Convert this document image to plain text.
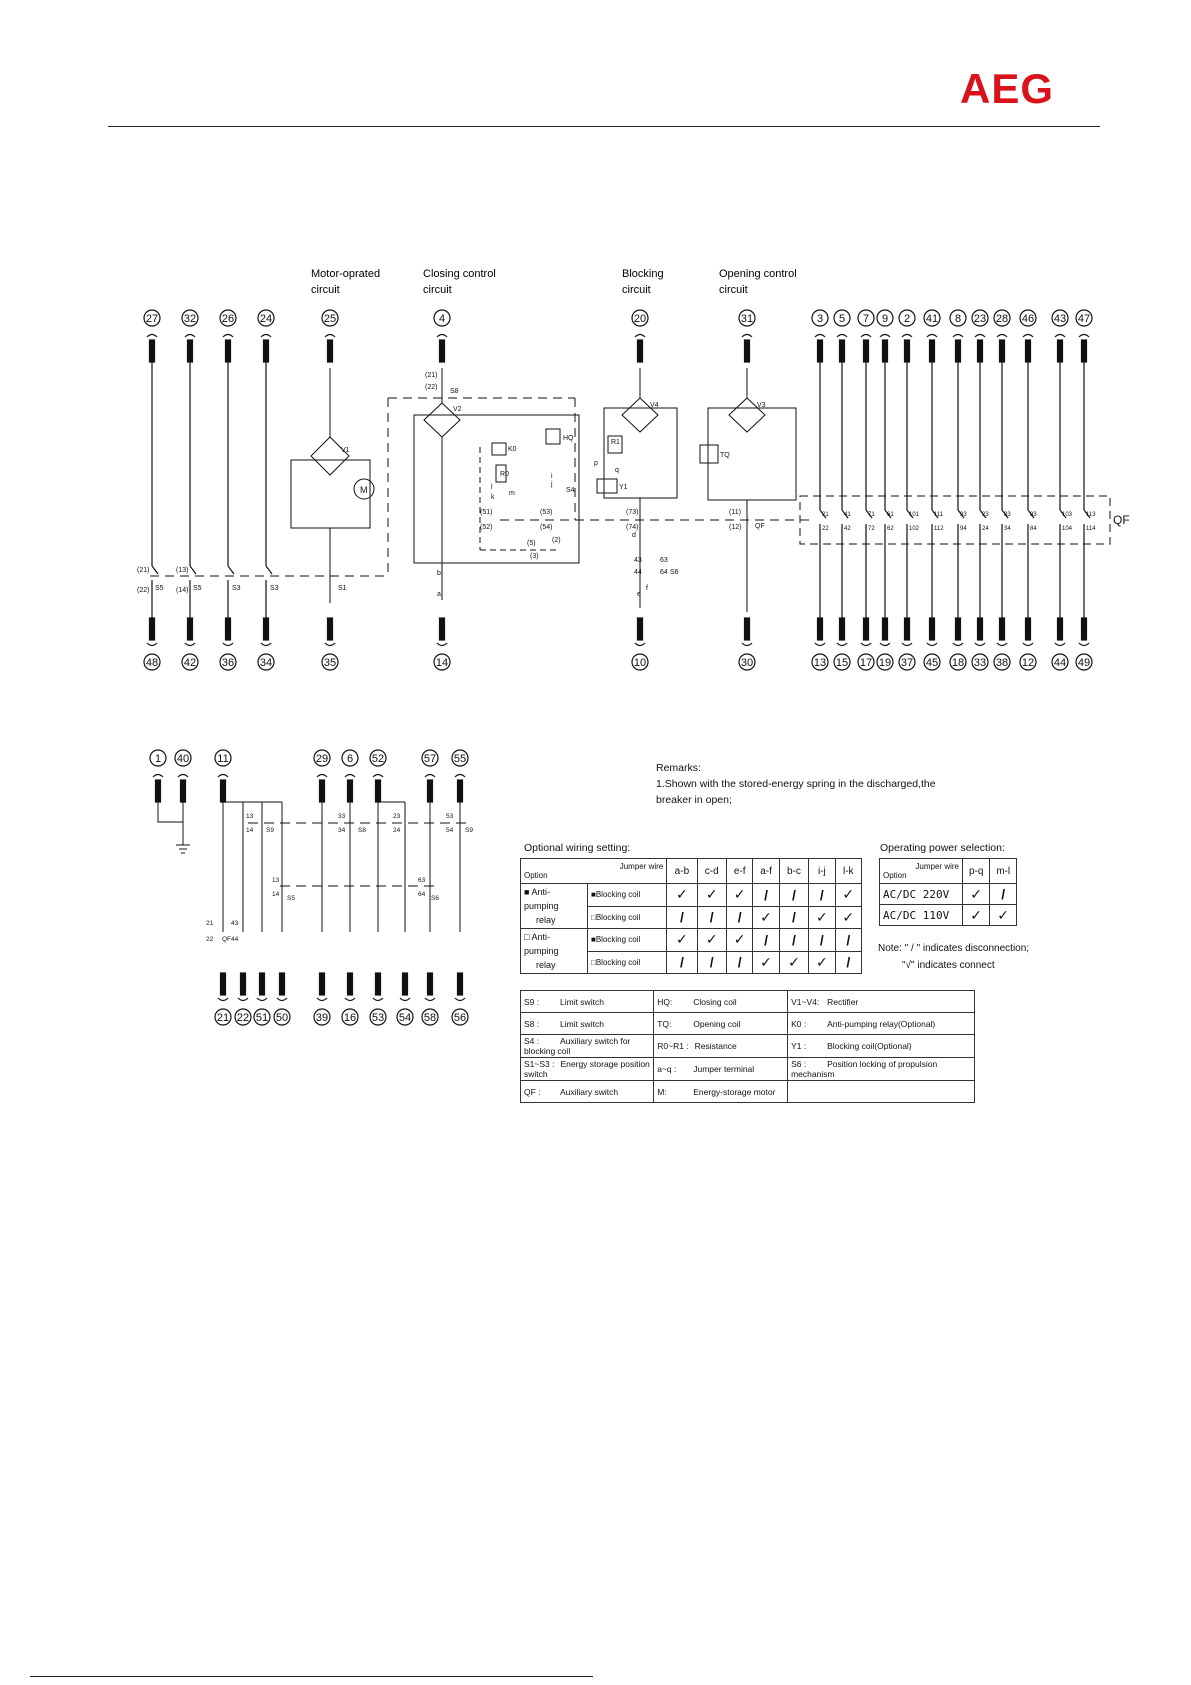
AEG
27
48
32
42
26
36
24
34
25
35
4
14
20
10
31
30
3
13
21
22
5
15
41
42
7
17
71
72
9
19
61
62
2
37
101
102
41
45
111
112
8
18
93
94
23
33
23
24
28
38
33
34
46
12
83
84
43
44
103
104
47
49
113
114
1 40	11	29 6 52	57 55
21 22 51 50	39 16 53 54 58 56
Motor-oprated
circuit
Closing control
circuit
Blocking
circuit
Opening control
circuit
V1
M
V2
V4	V3
K0
R0
HQ
TQ
R1
Y1
S4
QF
S5	S5	S3	S3	S1
S8
S6
QF
(21)
(22)
(13)
(14)
(21)
(22)
(51)
(52)
(53)
(54)
(73)
(74)
(11)
(12)
(5)
(3)
(2)
b
a
d
e
f
i
j
k
l
m
p
q
43
44
63
64
13
14 S9
33
34 S8
23
24
53
54 S9
13
14
S5
63
64
S6
21
22 QF
43
44
Remarks:
1.Shown with the stored-energy spring in the discharged,the
breaker in open;
Optional wiring setting:
Jumper wire
Option		a-b	c-d	e-f	a-f	b-c	i-j	l-k
■ Anti-pumping
relay	■Blocking coil	✓	✓	✓	/	/	/	✓
	□Blocking coil	/	/	/	✓	/	✓	✓
□ Anti-pumping
relay	■Blocking coil	✓	✓	✓	/	/	/	/
	□Blocking coil	/	/	/	✓	✓	✓	/
Operating power selection:
Jumper wire
Option	p-q	m-l
AC/DC 220V	✓	/
AC/DC 110V	✓	✓
Note: " / " indicates disconnection;
"√" indicates connect
S9 : Limit switch	HQ: Closing coil	V1~V4: Rectifier
S8 : Limit switch	TQ: Opening coil	K0 : Anti-pumping relay(Optional)
S4 : Auxiliary switch for blocking coil	R0~R1 : Resistance	Y1 : Blocking coil(Optional)
S1~S3 : Energy storage position switch	a~q : Jumper terminal	S6 : Position locking of propulsion mechanism
QF : Auxiliary switch	M: Energy-storage motor	
